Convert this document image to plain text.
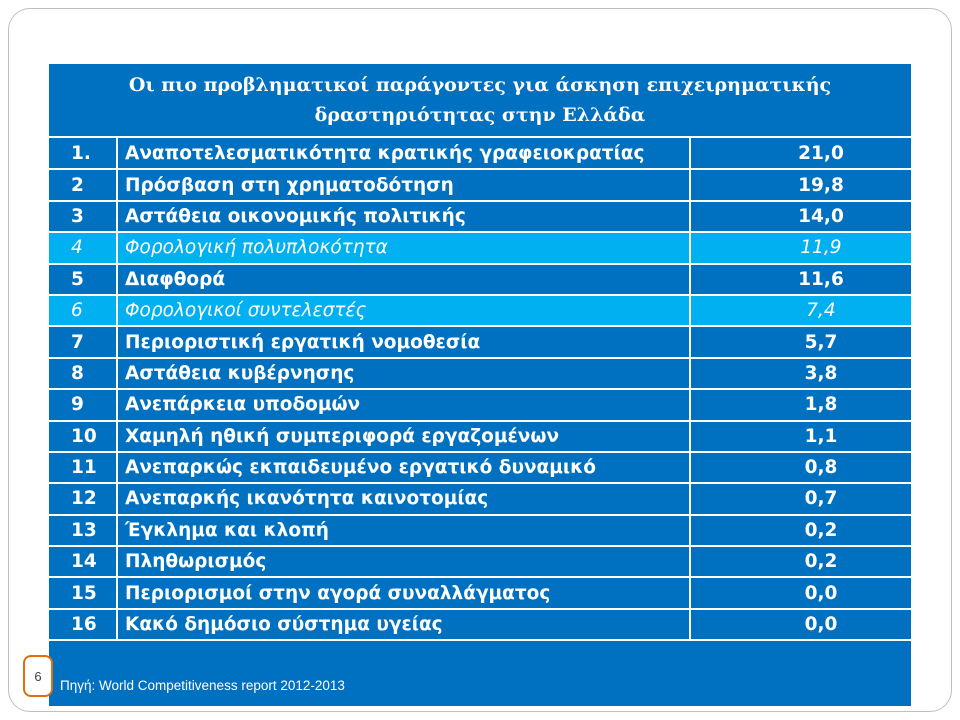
Οι πιο προβληματικοί παράγοντες για άσκηση επιχειρηματικής
δραστηριότητας στην Ελλάδα
1.	Αναποτελεσματικότητα κρατικής γραφειοκρατίας	21,0
2	Πρόσβαση στη χρηματοδότηση	19,8
3	Αστάθεια οικονομικής πολιτικής	14,0
4	Φορολογική πολυπλοκότητα	11,9
5	Διαφθορά	11,6
6	Φορολογικοί συντελεστές	7,4
7	Περιοριστική εργατική νομοθεσία	5,7
8	Αστάθεια κυβέρνησης	3,8
9	Ανεπάρκεια υποδομών	1,8
10	Χαμηλή ηθική συμπεριφορά εργαζομένων	1,1
11	Ανεπαρκώς εκπαιδευμένο εργατικό δυναμικό	0,8
12	Ανεπαρκής ικανότητα καινοτομίας	0,7
13	Έγκλημα και κλοπή	0,2
14	Πληθωρισμός	0,2
15	Περιορισμοί στην αγορά συναλλάγματος	0,0
16	Κακό δημόσιο σύστημα υγείας	0,0
Πηγή: World Competitiveness report 2012-2013
6
